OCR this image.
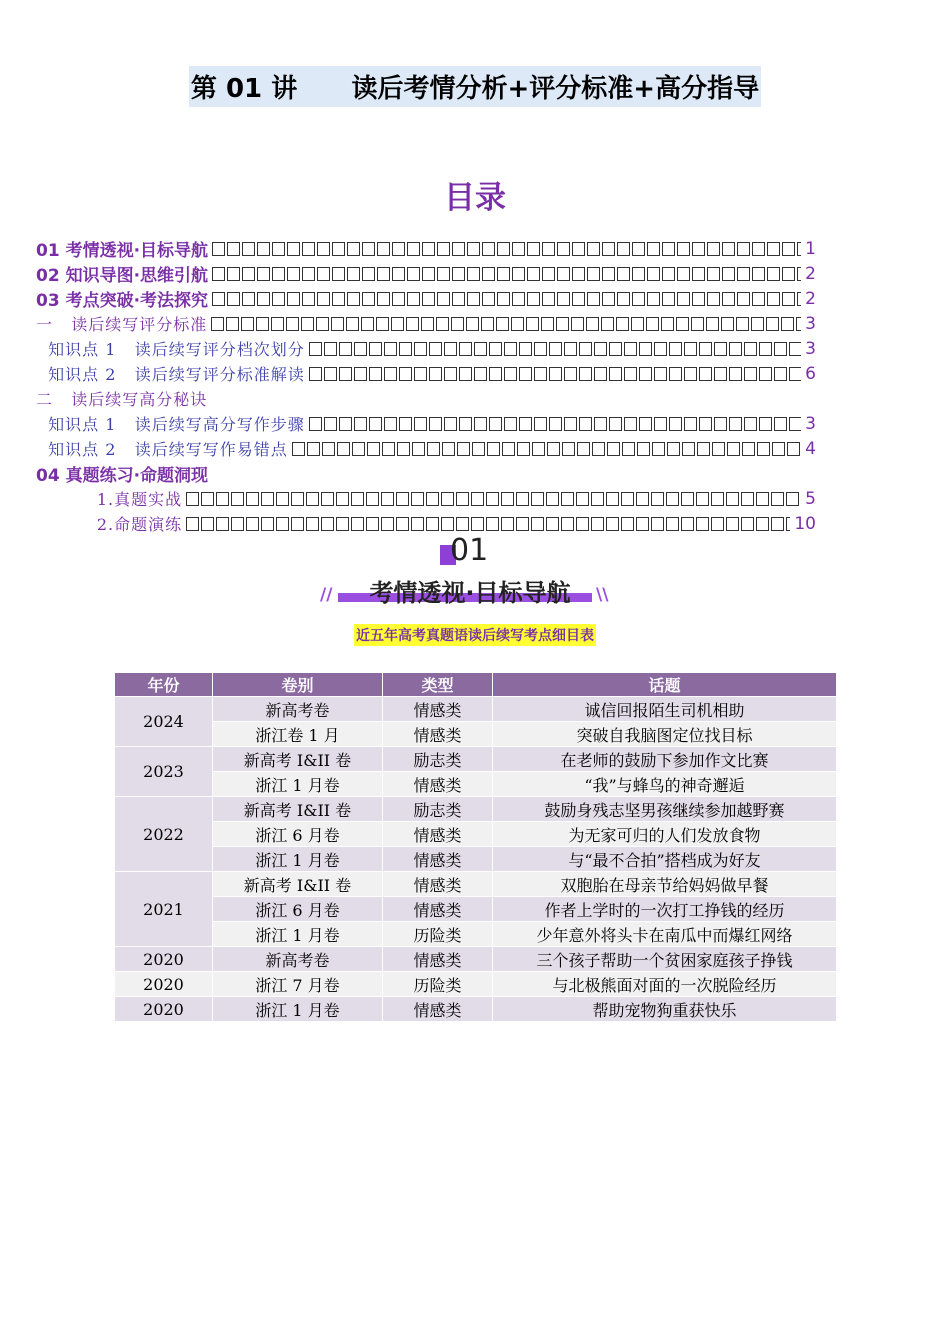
第 01 讲      读后考情分析+评分标准+高分指导
目录
01 考情透视·目标导航	1
02 知识导图·思维引航	2
03 考点突破·考法探究	2
一   读后续写评分标准	3
知识点 1   读后续写评分档次划分	3
知识点 2   读后续写评分标准解读	6
二   读后续写高分秘诀
知识点 1   读后续写高分写作步骤	3
知识点 2   读后续写写作易错点	4
04 真题练习·命题洞现
1.真题实战	5
2.命题演练	10
01
考情透视·目标导航
//	\\
近五年高考真题语读后续写考点细目表
年份	卷别	类型	话题
2024	新高考卷	情感类	诚信回报陌生司机相助
	浙江卷 1 月	情感类	突破自我脑图定位找目标
2023	新高考 I&II 卷	励志类	在老师的鼓励下参加作文比赛
	浙江 1 月卷	情感类	“我”与蜂鸟的神奇邂逅
2022	新高考 I&II 卷	励志类	鼓励身残志坚男孩继续参加越野赛
	浙江 6 月卷	情感类	为无家可归的人们发放食物
	浙江 1 月卷	情感类	与“最不合拍”搭档成为好友
2021	新高考 I&II 卷	情感类	双胞胎在母亲节给妈妈做早餐
	浙江 6 月卷	情感类	作者上学时的一次打工挣钱的经历
	浙江 1 月卷	历险类	少年意外将头卡在南瓜中而爆红网络
2020	新高考卷	情感类	三个孩子帮助一个贫困家庭孩子挣钱
2020	浙江 7 月卷	历险类	与北极熊面对面的一次脱险经历
2020	浙江 1 月卷	情感类	帮助宠物狗重获快乐
